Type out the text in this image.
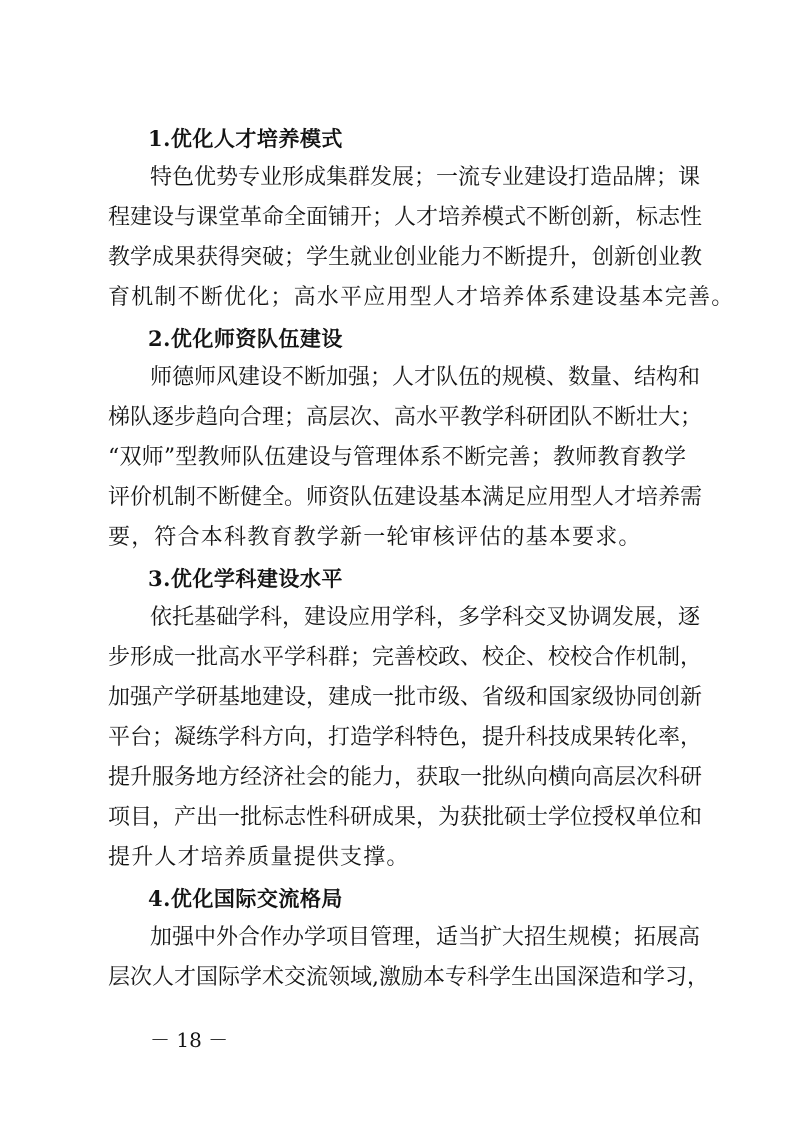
1.优化人才培养模式
特色优势专业形成集群发展；一流专业建设打造品牌；课
程建设与课堂革命全面铺开；人才培养模式不断创新，标志性
教学成果获得突破；学生就业创业能力不断提升，创新创业教
育机制不断优化；高水平应用型人才培养体系建设基本完善。
2.优化师资队伍建设
师德师风建设不断加强；人才队伍的规模、数量、结构和
梯队逐步趋向合理；高层次、高水平教学科研团队不断壮大；
“双师”型教师队伍建设与管理体系不断完善；教师教育教学
评价机制不断健全。师资队伍建设基本满足应用型人才培养需
要，符合本科教育教学新一轮审核评估的基本要求。
3.优化学科建设水平
依托基础学科，建设应用学科，多学科交叉协调发展，逐
步形成一批高水平学科群；完善校政、校企、校校合作机制，
加强产学研基地建设，建成一批市级、省级和国家级协同创新
平台；凝练学科方向，打造学科特色，提升科技成果转化率，
提升服务地方经济社会的能力，获取一批纵向横向高层次科研
项目，产出一批标志性科研成果，为获批硕士学位授权单位和
提升人才培养质量提供支撑。
4.优化国际交流格局
加强中外合作办学项目管理，适当扩大招生规模；拓展高
层次人才国际学术交流领域,激励本专科学生出国深造和学习，
－ 18 －
